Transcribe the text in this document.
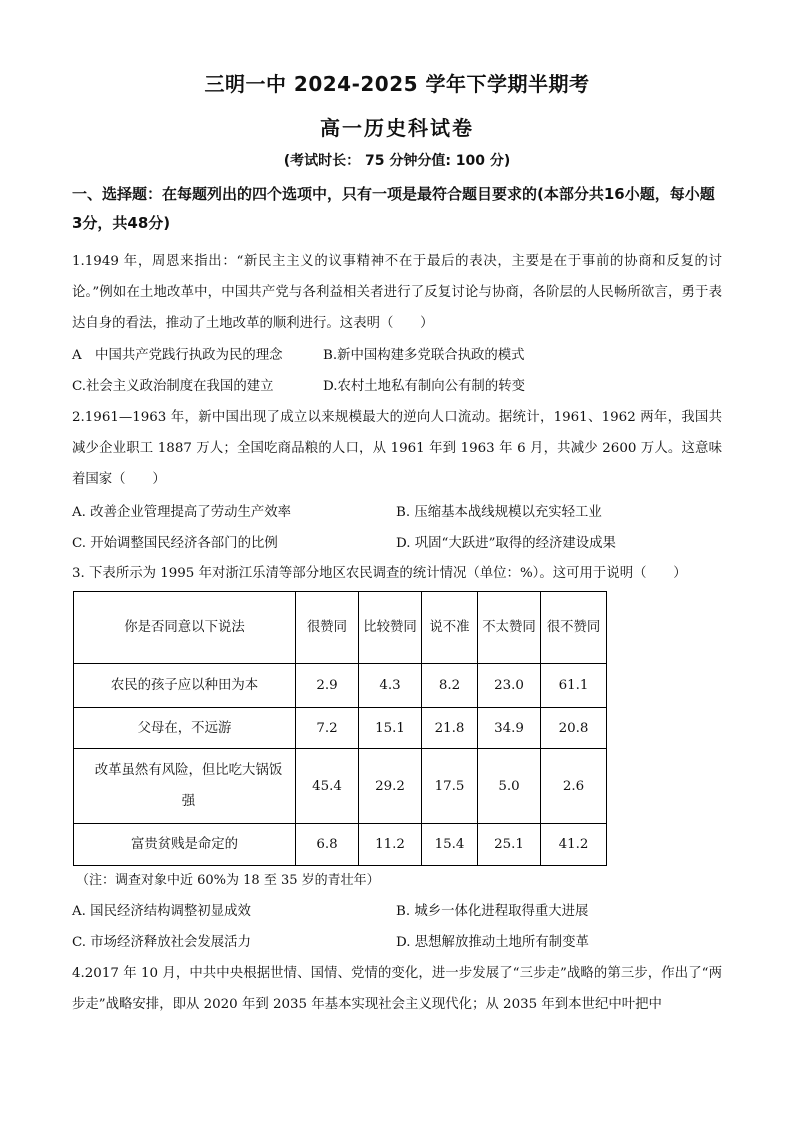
三明一中 2024-2025 学年下学期半期考
高一历史科试卷
(考试时长： 75 分钟分值: 100 分)
一、选择题：在每题列出的四个选项中，只有一项是最符合题目要求的(本部分共16小题，每小题3分，共48分)
1.1949 年，周恩来指出：“新民主主义的议事精神不在于最后的表决，主要是在于事前的协商和反复的讨论。”例如在土地改革中，中国共产党与各利益相关者进行了反复讨论与协商，各阶层的人民畅所欲言，勇于表达自身的看法，推动了土地改革的顺利进行。这表明（　　）
A　中国共产党践行执政为民的理念	B.新中国构建多党联合执政的模式
C.社会主义政治制度在我国的建立	D.农村土地私有制向公有制的转变
2.1961—1963 年，新中国出现了成立以来规模最大的逆向人口流动。据统计，1961、1962 两年，我国共减少企业职工 1887 万人；全国吃商品粮的人口，从 1961 年到 1963 年 6 月，共减少 2600 万人。这意味着国家（　　）
A. 改善企业管理提高了劳动生产效率	B. 压缩基本战线规模以充实轻工业
C. 开始调整国民经济各部门的比例	D. 巩固“大跃进”取得的经济建设成果
3. 下表所示为 1995 年对浙江乐清等部分地区农民调查的统计情况（单位：%）。这可用于说明（　　）
你是否同意以下说法	很赞同	比较赞同	说不准	不太赞同	很不赞同
农民的孩子应以种田为本	2.9	4.3	8.2	23.0	61.1
父母在，不远游	7.2	15.1	21.8	34.9	20.8
改革虽然有风险，但比吃大锅饭强	45.4	29.2	17.5	5.0	2.6
富贵贫贱是命定的	6.8	11.2	15.4	25.1	41.2
（注：调查对象中近 60%为 18 至 35 岁的青壮年）
A. 国民经济结构调整初显成效	B. 城乡一体化进程取得重大进展
C. 市场经济释放社会发展活力	D. 思想解放推动土地所有制变革
4.2017 年 10 月，中共中央根据世情、国情、党情的变化，进一步发展了“三步走”战略的第三步，作出了“两步走”战略安排，即从 2020 年到 2035 年基本实现社会主义现代化；从 2035 年到本世纪中叶把中
